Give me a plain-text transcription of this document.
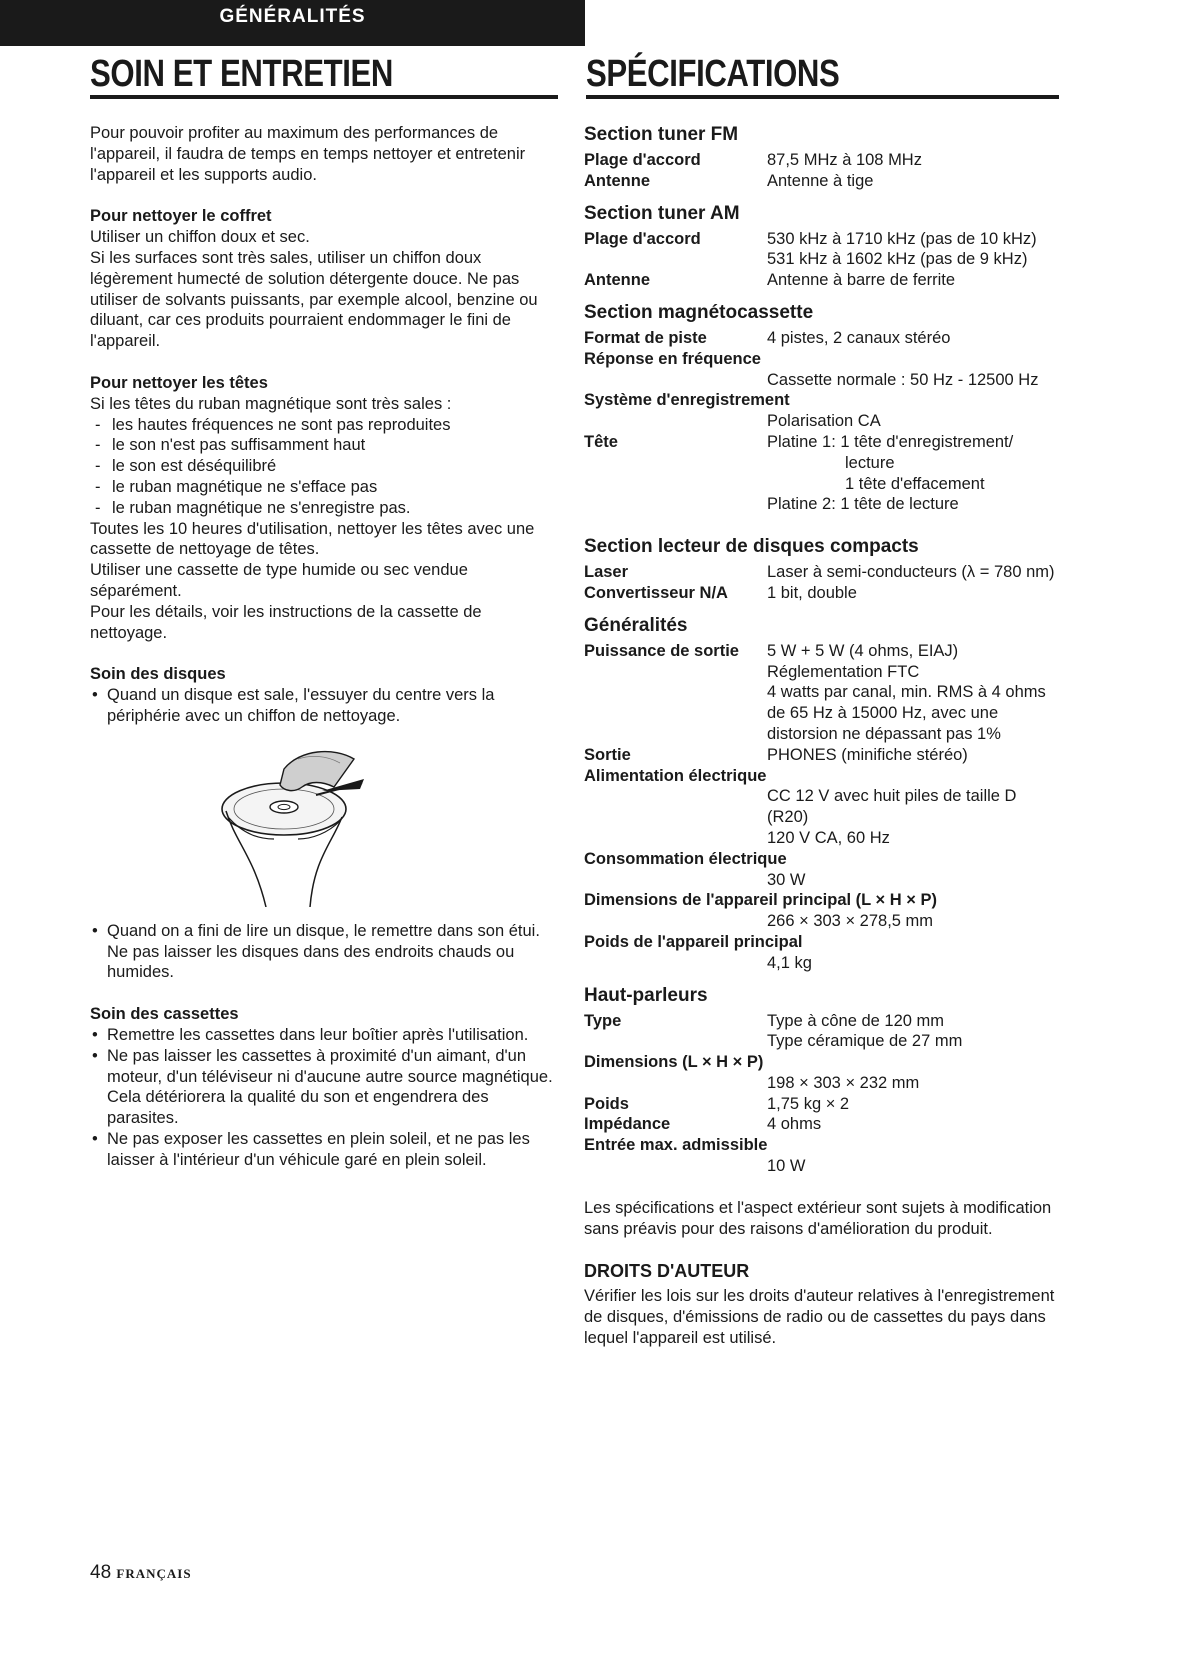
GÉNÉRALITÉS
SOIN ET ENTRETIEN	SPÉCIFICATIONS

Pour pouvoir profiter au maximum des performances de l'appareil, il faudra de temps en temps nettoyer et entretenir l'appareil et les supports audio.

Pour nettoyer le coffret

Utiliser un chiffon doux et sec.

Si les surfaces sont très sales, utiliser un chiffon doux légèrement humecté de solution détergente douce. Ne pas utiliser de solvants puissants, par exemple alcool, benzine ou diluant, car ces produits pourraient endommager le fini de l'appareil.

Pour nettoyer les têtes

Si les têtes du ruban magnétique sont très sales :

- les hautes fréquences ne sont pas reproduites
- le son n'est pas suffisamment haut
- le son est déséquilibré
- le ruban magnétique ne s'efface pas
- le ruban magnétique ne s'enregistre pas.

Toutes les 10 heures d'utilisation, nettoyer les têtes avec une cassette de nettoyage de têtes.

Utiliser une cassette de type humide ou sec vendue séparément.

Pour les détails, voir les instructions de la cassette de nettoyage.

Soin des disques

• Quand un disque est sale, l'essuyer du centre vers la périphérie avec un chiffon de nettoyage.
• Quand on a fini de lire un disque, le remettre dans son étui. Ne pas laisser les disques dans des endroits chauds ou humides.

Soin des cassettes

• Remettre les cassettes dans leur boîtier après l'utilisation.
• Ne pas laisser les cassettes à proximité d'un aimant, d'un moteur, d'un téléviseur ni d'aucune autre source magnétique. Cela détériorera la qualité du son et engendrera des parasites.
• Ne pas exposer les cassettes en plein soleil, et ne pas les laisser à l'intérieur d'un véhicule garé en plein soleil.
Section tuner FM
Plage d'accord	87,5 MHz à 108 MHz
Antenne	Antenne à tige
Section tuner AM
Plage d'accord	530 kHz à 1710 kHz (pas de 10 kHz)
531 kHz à 1602 kHz (pas de 9 kHz)
Antenne	Antenne à barre de ferrite
Section magnétocassette
Format de piste	4 pistes, 2 canaux stéréo
Réponse en fréquence
Cassette normale : 50 Hz - 12500 Hz
Système d'enregistrement
Polarisation CA
Tête	Platine 1: 1 tête d'enregistrement/
lecture
1 tête d'effacement
Platine 2: 1 tête de lecture
Section lecteur de disques compacts
Laser	Laser à semi-conducteurs (λ = 780 nm)
Convertisseur N/A	1 bit, double
Généralités
Puissance de sortie	5 W + 5 W (4 ohms, EIAJ)
Réglementation FTC
4 watts par canal, min. RMS à 4 ohms de 65 Hz à 15000 Hz, avec une distorsion ne dépassant pas 1%
Sortie	PHONES (minifiche stéréo)
Alimentation électrique
CC 12 V avec huit piles de taille D (R20)
120 V CA, 60 Hz
Consommation électrique
30 W
Dimensions de l'appareil principal (L × H × P)
266 × 303 × 278,5 mm
Poids de l'appareil principal
4,1 kg
Haut-parleurs
Type	Type à cône de 120 mm
Type céramique de 27 mm
Dimensions (L × H × P)
198 × 303 × 232 mm
Poids	1,75 kg × 2
Impédance	4 ohms
Entrée max. admissible
10 W

Les spécifications et l'aspect extérieur sont sujets à modification sans préavis pour des raisons d'amélioration du produit.

DROITS D'AUTEUR

Vérifier les lois sur les droits d'auteur relatives à l'enregistrement de disques, d'émissions de radio ou de cassettes du pays dans lequel l'appareil est utilisé.

48 FRANÇAIS
